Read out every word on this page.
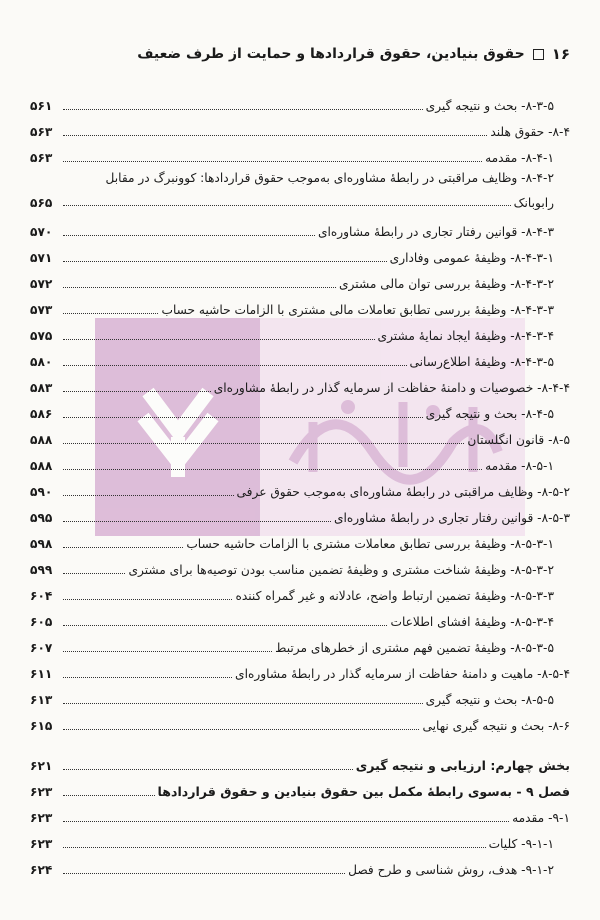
۱۶
حقوق بنیادین، حقوق قراردادها و حمایت از طرف ضعیف
۸-۳-۵- بحث و نتیجه گیری
۵۶۱
۸-۴- حقوق هلند
۵۶۳
۸-۴-۱- مقدمه
۵۶۳
۸-۴-۲- وظایف مراقبتی در رابطهٔ مشاوره‌ای به‌موجب حقوق قراردادها: کوونبرگ در مقابل
رابوبانک
۵۶۵
۸-۴-۳- قوانین رفتار تجاری در رابطهٔ مشاوره‌ای
۵۷۰
۸-۴-۳-۱- وظیفهٔ عمومی وفاداری
۵۷۱
۸-۴-۳-۲- وظیفهٔ بررسی توان مالی مشتری
۵۷۲
۸-۴-۳-۳- وظیفهٔ بررسی تطابق تعاملات مالی مشتری با الزامات حاشیه حساب
۵۷۳
۸-۴-۳-۴- وظیفهٔ ایجاد نمایهٔ مشتری
۵۷۵
۸-۴-۳-۵- وظیفهٔ اطلاع‌رسانی
۵۸۰
۸-۴-۴- خصوصیات و دامنهٔ حفاظت از سرمایه گذار در رابطهٔ مشاوره‌ای
۵۸۳
۸-۴-۵- بحث و نتیجه گیری
۵۸۶
۸-۵- قانون انگلستان
۵۸۸
۸-۵-۱- مقدمه
۵۸۸
۸-۵-۲- وظایف مراقبتی در رابطهٔ مشاوره‌ای به‌موجب حقوق عرفی
۵۹۰
۸-۵-۳- قوانین رفتار تجاری در رابطهٔ مشاوره‌ای
۵۹۵
۸-۵-۳-۱- وظیفهٔ بررسی تطابق معاملات مشتری با الزامات حاشیه حساب
۵۹۸
۸-۵-۳-۲- وظیفهٔ شناخت مشتری و وظیفهٔ تضمین مناسب بودن توصیه‌ها برای مشتری
۵۹۹
۸-۵-۳-۳- وظیفهٔ تضمین ارتباط واضح، عادلانه و غیر گمراه کننده
۶۰۴
۸-۵-۳-۴- وظیفهٔ افشای اطلاعات
۶۰۵
۸-۵-۳-۵- وظیفهٔ تضمین فهم مشتری از خطرهای مرتبط
۶۰۷
۸-۵-۴- ماهیت و دامنهٔ حفاظت از سرمایه گذار در رابطهٔ مشاوره‌ای
۶۱۱
۸-۵-۵- بحث و نتیجه گیری
۶۱۳
۸-۶- بحث و نتیجه گیری نهایی
۶۱۵
بخش چهارم: ارزیابی و نتیجه گیری
۶۲۱
فصل ۹ - به‌سوی رابطهٔ مکمل بین حقوق بنیادین و حقوق قراردادها
۶۲۳
۹-۱- مقدمه
۶۲۳
۹-۱-۱- کلیات
۶۲۳
۹-۱-۲- هدف، روش شناسی و طرح فصل
۶۲۴
